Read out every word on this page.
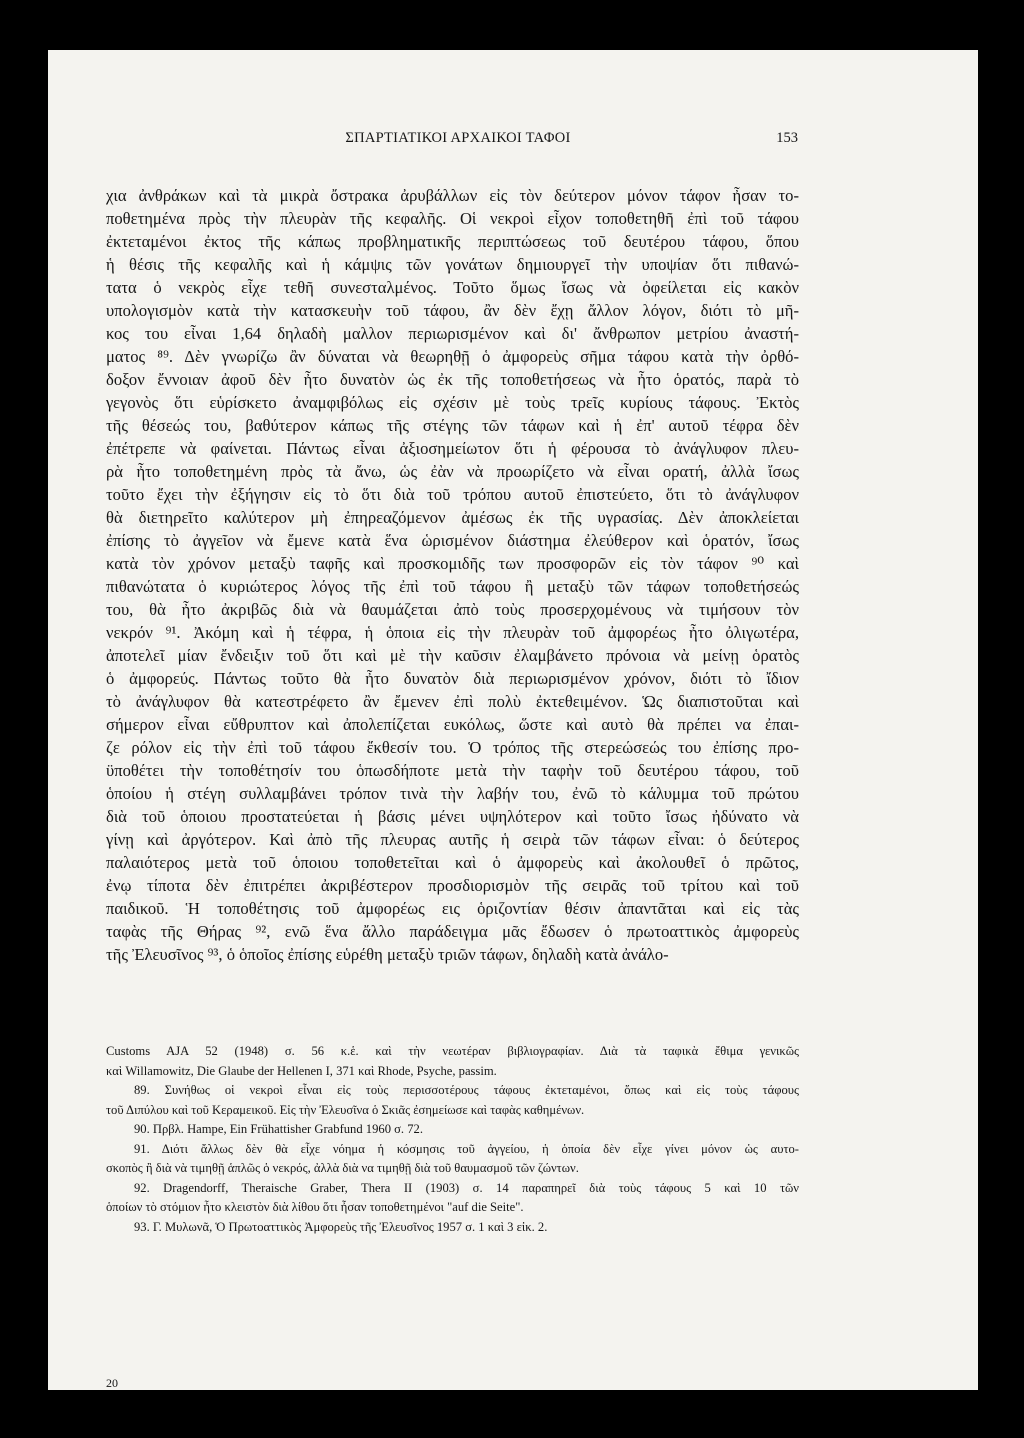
ΣΠΑΡΤΙΑΤΙΚΟΙ ΑΡΧΑΙΚΟΙ ΤΑΦΟΙ	153
χια ἀνθράκων καὶ τὰ μικρὰ ὄστρακα ἀρυβάλλων εἰς τὸν δεύτερον μόνον τάφον ἦσαν το-
ποθετημένα πρὸς τὴν πλευρὰν τῆς κεφαλῆς. Οἱ νεκροὶ εἶχον τοποθετηθῆ ἐπὶ τοῦ τάφου
ἐκτεταμένοι ἐκτος τῆς κάπως προβληματικῆς περιπτώσεως τοῦ δευτέρου τάφου, ὅπου
ἡ θέσις τῆς κεφαλῆς καὶ ἡ κάμψις τῶν γονάτων δημιουργεῖ τὴν υποψίαν ὅτι πιθανώ-
τατα ὁ νεκρὸς εἶχε τεθῆ συνεσταλμένος. Τοῦτο ὅμως ἴσως νὰ ὀφείλεται εἰς κακὸν
υπολογισμὸν κατὰ τὴν κατασκευὴν τοῦ τάφου, ἂν δὲν ἔχῃ ἄλλον λόγον, διότι τὸ μῆ-
κος του εἶναι 1,64 δηλαδὴ μαλλον περιωρισμένον καὶ δι' ἄνθρωπον μετρίου ἀναστή-
ματος ⁸⁹. Δὲν γνωρίζω ἂν δύναται νὰ θεωρηθῇ ὁ ἀμφορεὺς σῆμα τάφου κατὰ τὴν ὀρθό-
δοξον ἔννοιαν ἀφοῦ δὲν ἦτο δυνατὸν ὡς ἐκ τῆς τοποθετήσεως νὰ ἦτο ὁρατός, παρὰ τὸ
γεγονὸς ὅτι εὑρίσκετο ἀναμφιβόλως εἰς σχέσιν μὲ τοὺς τρεῖς κυρίους τάφους. Ἐκτὸς
τῆς θέσεώς του, βαθύτερον κάπως τῆς στέγης τῶν τάφων καὶ ἡ ἐπ' αυτοῦ τέφρα δὲν
ἐπέτρεπε νὰ φαίνεται. Πάντως εἶναι ἀξιοσημείωτον ὅτι ἡ φέρουσα τὸ ἀνάγλυφον πλευ-
ρὰ ἦτο τοποθετημένη πρὸς τὰ ἄνω, ὡς ἐὰν νὰ προωρίζετο νὰ εἶναι ορατή, ἀλλὰ ἴσως
τοῦτο ἔχει τὴν ἐξήγησιν εἰς τὸ ὅτι διὰ τοῦ τρόπου αυτοῦ ἐπιστεύετο, ὅτι τὸ ἀνάγλυφον
θὰ διετηρεῖτο καλύτερον μὴ ἐπηρεαζόμενον ἀμέσως ἐκ τῆς υγρασίας. Δὲν ἀποκλείεται
ἐπίσης τὸ ἀγγεῖον νὰ ἔμενε κατὰ ἕνα ὡρισμένον διάστημα ἐλεύθερον καὶ ὁρατόν, ἴσως
κατὰ τὸν χρόνον μεταξὺ ταφῆς καὶ προσκομιδῆς των προσφορῶν εἰς τὸν τάφον ⁹⁰ καὶ
πιθανώτατα ὁ κυριώτερος λόγος τῆς ἐπὶ τοῦ τάφου ἢ μεταξὺ τῶν τάφων τοποθετήσεώς
του, θὰ ἦτο ἀκριβῶς διὰ νὰ θαυμάζεται ἀπὸ τοὺς προσερχομένους νὰ τιμήσουν τὸν
νεκρόν ⁹¹. Ἀκόμη καὶ ἡ τέφρα, ἡ ὁποια εἰς τὴν πλευρὰν τοῦ ἀμφορέως ἦτο ὀλιγωτέρα,
ἀποτελεῖ μίαν ἔνδειξιν τοῦ ὅτι καὶ μὲ τὴν καῦσιν ἐλαμβάνετο πρόνοια νὰ μείνῃ ὁρατὸς
ὁ ἀμφορεύς. Πάντως τοῦτο θὰ ἦτο δυνατὸν διὰ περιωρισμένον χρόνον, διότι τὸ ἴδιον
τὸ ἀνάγλυφον θὰ κατεστρέφετο ἂν ἔμενεν ἐπὶ πολὺ ἐκτεθειμένον. Ὡς διαπιστοῦται καὶ
σήμερον εἶναι εὔθρυπτον καὶ ἀπολεπίζεται ευκόλως, ὥστε καὶ αυτὸ θὰ πρέπει να ἐπαι-
ζε ρόλον εἰς τὴν ἐπὶ τοῦ τάφου ἔκθεσίν του. Ὁ τρόπος τῆς στερεώσεώς του ἐπίσης προ-
ϋποθέτει τὴν τοποθέτησίν του ὁπωσδήποτε μετὰ τὴν ταφὴν τοῦ δευτέρου τάφου, τοῦ
ὁποίου ἡ στέγη συλλαμβάνει τρόπον τινὰ τὴν λαβήν του, ἐνῶ τὸ κάλυμμα τοῦ πρώτου
διὰ τοῦ ὁποιου προστατεύεται ἡ βάσις μένει υψηλότερον καὶ τοῦτο ἴσως ἠδύνατο νὰ
γίνῃ καὶ ἀργότερον. Καὶ ἀπὸ τῆς πλευρας αυτῆς ἡ σειρὰ τῶν τάφων εἶναι: ὁ δεύτερος
παλαιότερος μετὰ τοῦ ὁποιου τοποθετεῖται καὶ ὁ ἀμφορεὺς καὶ ἀκολουθεῖ ὁ πρῶτος,
ἐνῳ τίποτα δὲν ἐπιτρέπει ἀκριβέστερον προσδιορισμὸν τῆς σειρᾶς τοῦ τρίτου καὶ τοῦ
παιδικοῦ. Ἡ τοποθέτησις τοῦ ἀμφορέως εις ὁριζοντίαν θέσιν ἀπαντᾶται καὶ εἰς τὰς
ταφὰς τῆς Θήρας ⁹², ενῶ ἕνα ἄλλο παράδειγμα μᾶς ἔδωσεν ὁ πρωτοαττικὸς ἀμφορεὺς
τῆς Ἐλευσῖνος ⁹³, ὁ ὁποῖος ἐπίσης εὑρέθη μεταξὺ τριῶν τάφων, δηλαδὴ κατὰ ἀνάλο-
Customs AJA 52 (1948) σ. 56 κ.ἑ. καὶ τὴν νεωτέραν βιβλιογραφίαν. Διὰ τὰ ταφικὰ ἔθιμα γενικῶς
καὶ Willamowitz, Die Glaube der Hellenen I, 371 καὶ Rhode, Psyche, passim.
89. Συνήθως οἱ νεκροὶ εἶναι εἰς τοὺς περισσοτέρους τάφους ἐκτεταμένοι, ὅπως καὶ εἰς τοὺς τάφους
τοῦ Διπύλου καὶ τοῦ Κεραμεικοῦ. Εἰς τὴν Ἐλευσῖνα ὁ Σκιᾶς ἐσημείωσε καὶ ταφὰς καθημένων.
90. Πρβλ. Hampe, Ein Frühattisher Grabfund 1960 σ. 72.
91. Διότι ἄλλως δὲν θὰ εἶχε νόημα ἡ κόσμησις τοῦ ἀγγείου, ἡ ὁποία δὲν εἶχε γίνει μόνον ὡς αυτο-
σκοπὸς ἢ διὰ νὰ τιμηθῇ ἁπλῶς ὁ νεκρός, ἀλλὰ διὰ να τιμηθῇ διὰ τοῦ θαυμασμοῦ τῶν ζώντων.
92. Dragendorff, Theraische Graber, Thera II (1903) σ. 14 παραπηρεῖ διὰ τοὺς τάφους 5 καὶ 10 τῶν
ὁποίων τὸ στόμιον ἦτο κλειστὸν διὰ λίθου ὅτι ἦσαν τοποθετημένοι "auf die Seite".
93. Γ. Μυλωνᾶ, Ὁ Πρωτοαττικὸς Ἀμφορεὺς τῆς Ἐλευσῖνος 1957 σ. 1 καὶ 3 εἰκ. 2.
20
